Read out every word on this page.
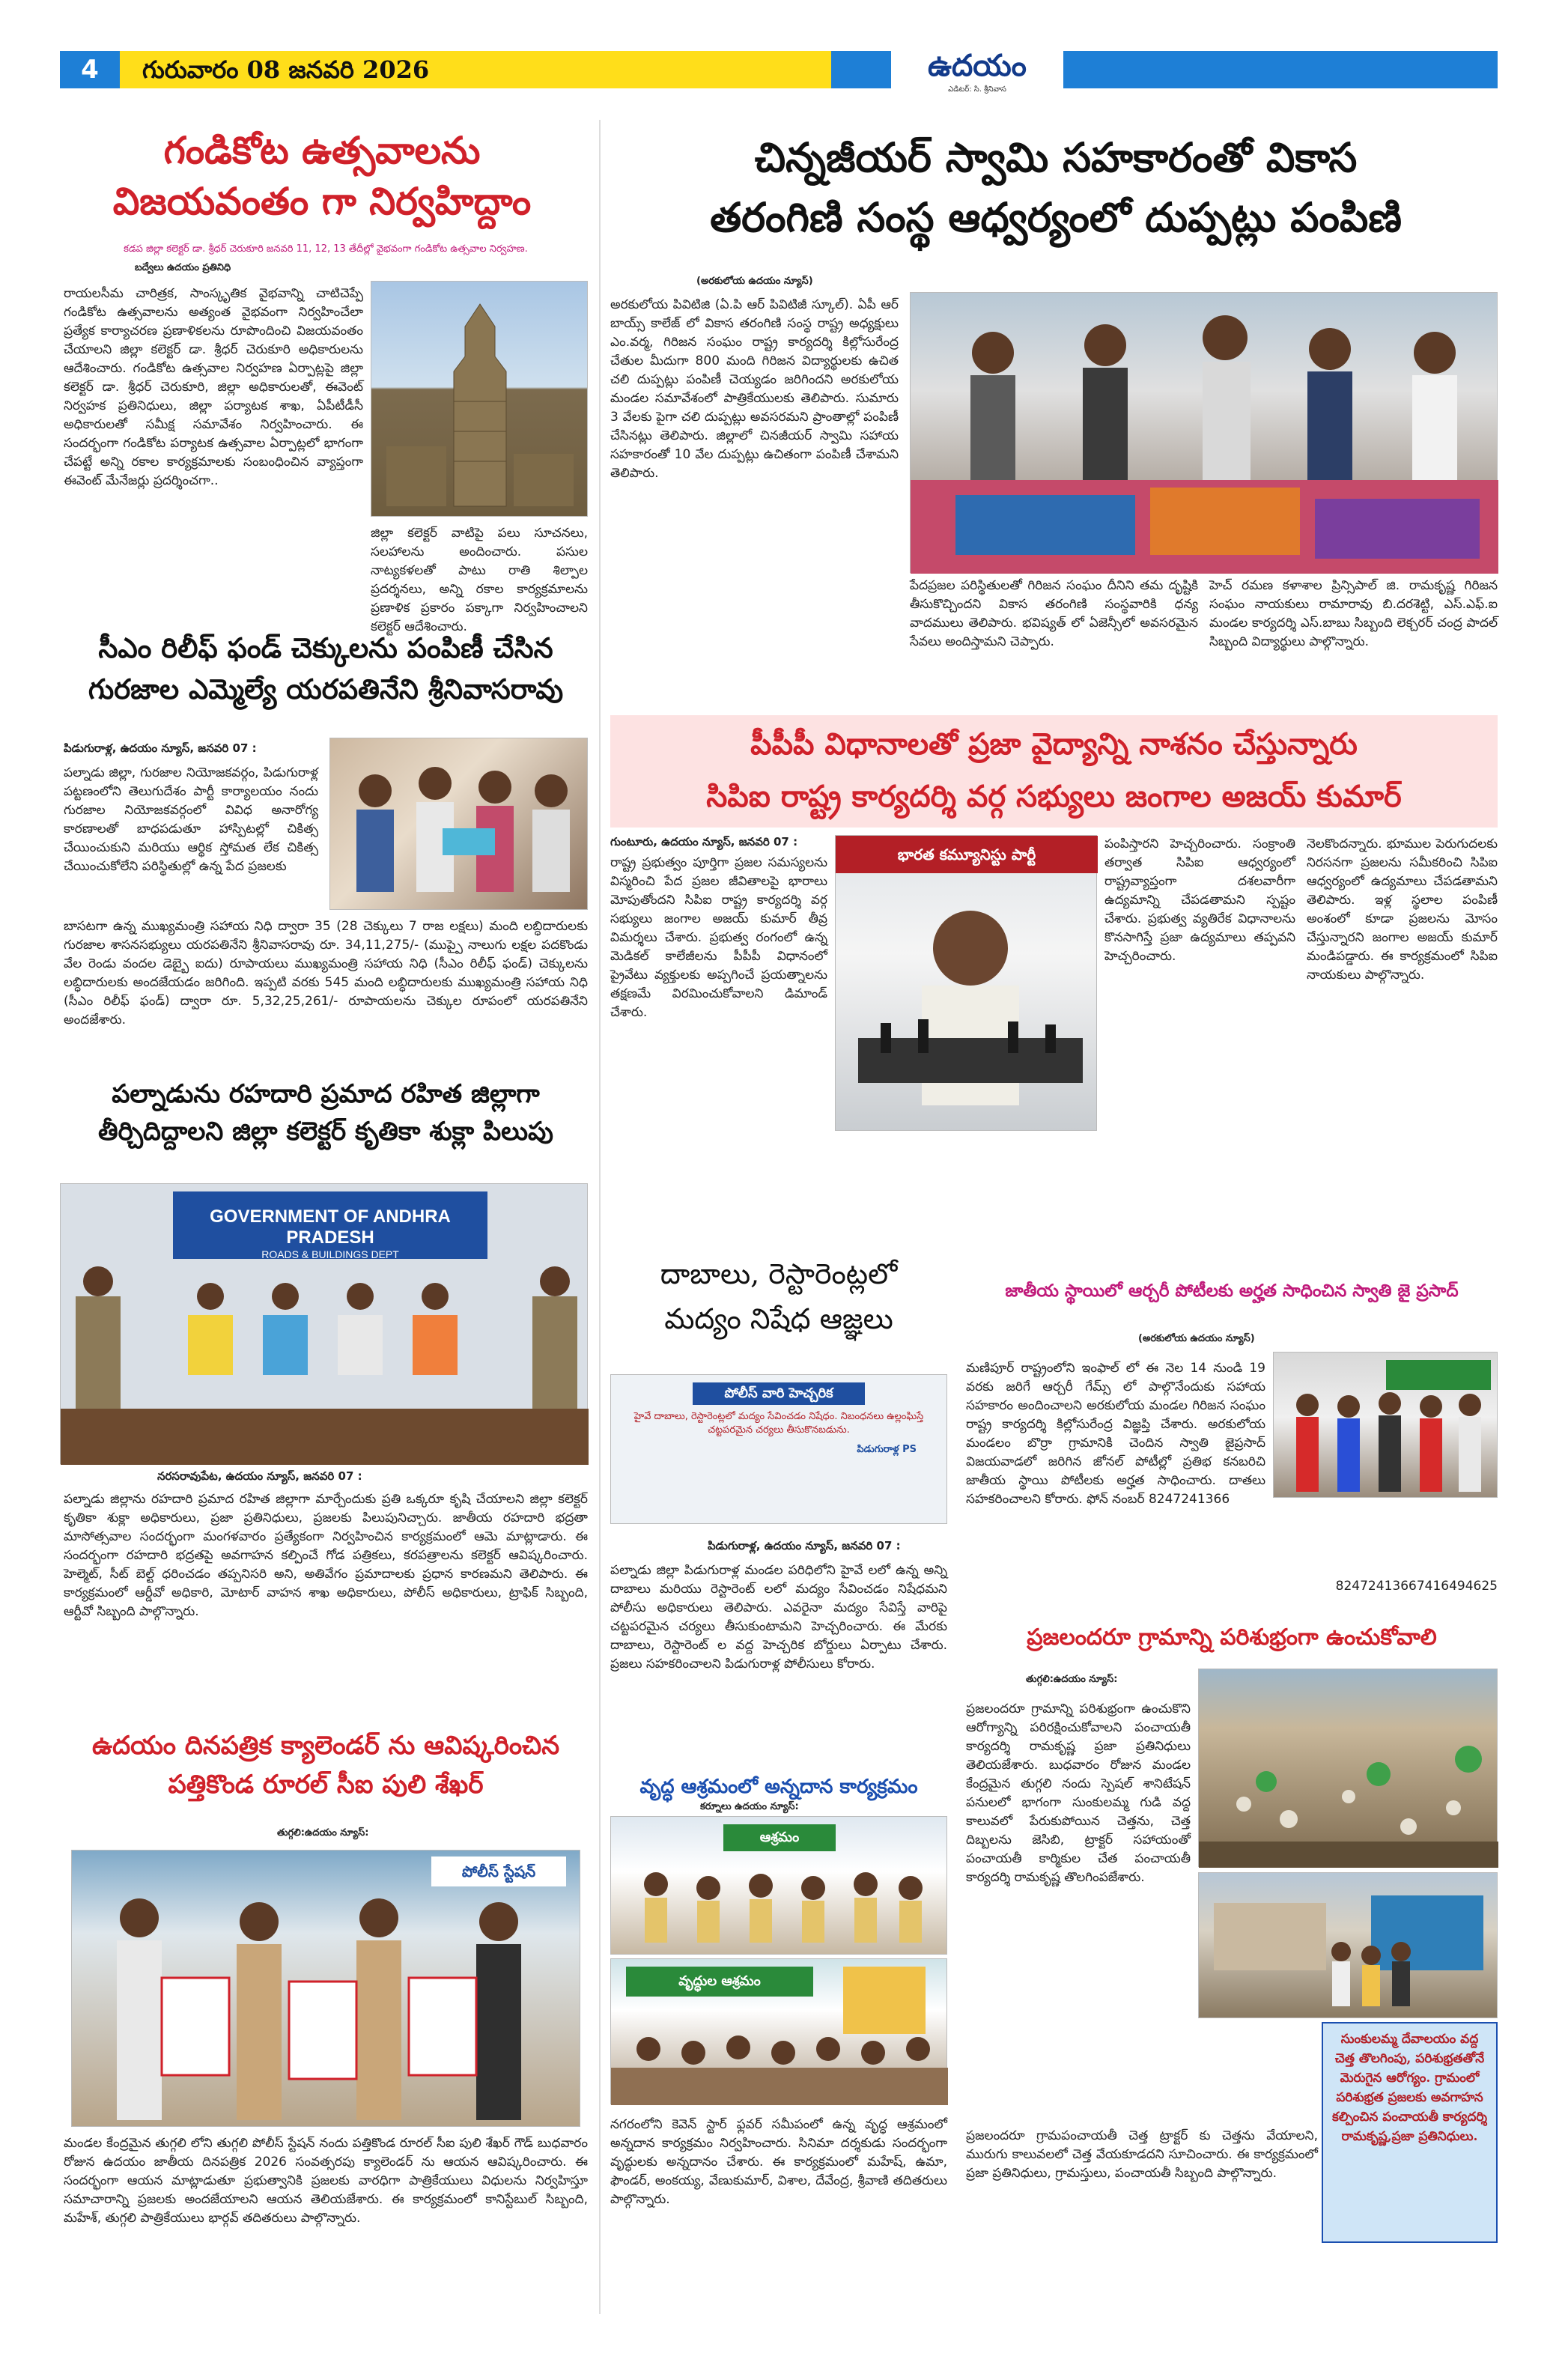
4	గురువారం 08 జనవరి 2026	ఉదయం
ఎడిటర్: సి. శ్రీనివాస
గండికోట ఉత్సవాలను
విజయవంతం గా నిర్వహిద్దాం
కడప జిల్లా కలెక్టర్ డా. శ్రీధర్ చెరుకూరి జనవరి 11, 12, 13 తేదీల్లో వైభవంగా గండికోట ఉత్సవాల నిర్వహణ.
బద్వేలు ఉదయం ప్రతినిధి
రాయలసీమ చారిత్రక, సాంస్కృతిక వైభవాన్ని చాటిచెప్పే గండికోట ఉత్సవాలను అత్యంత వైభవంగా నిర్వహించేలా ప్రత్యేక కార్యాచరణ ప్రణాళికలను రూపొందించి విజయవంతం చేయాలని జిల్లా కలెక్టర్ డా. శ్రీధర్ చెరుకూరి అధికారులను ఆదేశించారు. గండికోట ఉత్సవాల నిర్వహణ ఏర్పాట్లపై జిల్లా కలెక్టర్ డా. శ్రీధర్ చెరుకూరి, జిల్లా అధికారులతో, ఈవెంట్ నిర్వహక ప్రతినిధులు, జిల్లా పర్యాటక శాఖ, ఏపీటీడీసీ అధికారులతో సమీక్ష సమావేశం నిర్వహించారు. ఈ సందర్భంగా గండికోట పర్యాటక ఉత్సవాల ఏర్పాట్లలో భాగంగా చేపట్టే అన్ని రకాల కార్యక్రమాలకు సంబంధించిన వ్యాప్తంగా ఈవెంట్ మేనేజర్లు ప్రదర్శించగా..
జిల్లా కలెక్టర్ వాటిపై పలు సూచనలు, సలహాలను అందించారు. పసుల నాట్యకళలతో పాటు రాతి శిల్పాల ప్రదర్శనలు, అన్ని రకాల కార్యక్రమాలను ప్రణాళిక ప్రకారం పక్కాగా నిర్వహించాలని కలెక్టర్ ఆదేశించారు.
సీఎం రిలీఫ్ ఫండ్ చెక్కులను పంపిణీ చేసిన
గురజాల ఎమ్మెల్యే యరపతినేని శ్రీనివాసరావు
పిడుగురాళ్ల, ఉదయం న్యూస్, జనవరి 07 :
పల్నాడు జిల్లా, గురజాల నియోజకవర్గం, పిడుగురాళ్ల పట్టణంలోని తెలుగుదేశం పార్టీ కార్యాలయం నందు గురజాల నియోజకవర్గంలో వివిధ అనారోగ్య కారణాలతో బాధపడుతూ హాస్పిటల్లో చికిత్స చేయించుకుని మరియు ఆర్థిక స్తోమత లేక చికిత్స చేయించుకోలేని పరిస్థితుల్లో ఉన్న పేద ప్రజలకు
బాసటగా ఉన్న ముఖ్యమంత్రి సహాయ నిధి ద్వారా 35 (28 చెక్కులు 7 రాజ లక్షలు) మంది లబ్ధిదారులకు గురజాల శాసనసభ్యులు యరపతినేని శ్రీనివాసరావు రూ. 34,11,275/- (ముప్పై నాలుగు లక్షల పదకొండు వేల రెండు వందల డెబ్బై ఐదు) రూపాయలు ముఖ్యమంత్రి సహాయ నిధి (సీఎం రిలీఫ్ ఫండ్) చెక్కులను లబ్ధిదారులకు అందజేయడం జరిగింది. ఇప్పటి వరకు 545 మంది లబ్ధిదారులకు ముఖ్యమంత్రి సహాయ నిధి (సీఎం రిలీఫ్ ఫండ్) ద్వారా రూ. 5,32,25,261/- రూపాయలను చెక్కుల రూపంలో యరపతినేని అందజేశారు.
పల్నాడును రహదారి ప్రమాద రహిత జిల్లాగా
తీర్చిదిద్దాలని జిల్లా కలెక్టర్ కృతికా శుక్లా పిలుపు
GOVERNMENT OF ANDHRA PRADESH
ROADS & BUILDINGS DEPT
నరసరావుపేట, ఉదయం న్యూస్, జనవరి 07 :
పల్నాడు జిల్లాను రహదారి ప్రమాద రహిత జిల్లాగా మార్చేందుకు ప్రతి ఒక్కరూ కృషి చేయాలని జిల్లా కలెక్టర్ కృతికా శుక్లా అధికారులు, ప్రజా ప్రతినిధులు, ప్రజలకు పిలుపునిచ్చారు. జాతీయ రహదారి భద్రతా మాసోత్సవాల సందర్భంగా మంగళవారం ప్రత్యేకంగా నిర్వహించిన కార్యక్రమంలో ఆమె మాట్లాడారు. ఈ సందర్భంగా రహదారి భద్రతపై అవగాహన కల్పించే గోడ పత్రికలు, కరపత్రాలను కలెక్టర్ ఆవిష్కరించారు. హెల్మెట్, సీట్ బెల్ట్ ధరించడం తప్పనిసరి అని, అతివేగం ప్రమాదాలకు ప్రధాన కారణమని తెలిపారు. ఈ కార్యక్రమంలో ఆర్డీవో అధికారి, మోటార్ వాహన శాఖ అధికారులు, పోలీస్ అధికారులు, ట్రాఫిక్ సిబ్బంది, ఆర్టీవో సిబ్బంది పాల్గొన్నారు.
ఉదయం దినపత్రిక క్యాలెండర్ ను ఆవిష్కరించిన
పత్తికొండ రూరల్ సీఐ పులి శేఖర్
తుగ్గలి:ఉదయం న్యూస్:
పోలీస్ స్టేషన్
మండల కేంద్రమైన తుగ్గలి లోని తుగ్గలి పోలీస్ స్టేషన్ నందు పత్తికొండ రూరల్ సీఐ పులి శేఖర్ గౌడ్ బుధవారం రోజున ఉదయం జాతీయ దినపత్రిక 2026 సంవత్సరపు క్యాలెండర్ ను ఆయన ఆవిష్కరించారు. ఈ సందర్భంగా ఆయన మాట్లాడుతూ ప్రభుత్వానికి ప్రజలకు వారధిగా పాత్రికేయులు విధులను నిర్వహిస్తూ సమాచారాన్ని ప్రజలకు అందజేయాలని ఆయన తెలియజేశారు. ఈ కార్యక్రమంలో కానిస్టేబుల్ సిబ్బంది, మహేశ్, తుగ్గలి పాత్రికేయులు భార్గవ్ తదితరులు పాల్గొన్నారు.
చిన్నజీయర్ స్వామి సహకారంతో వికాస
తరంగిణి సంస్థ ఆధ్వర్యంలో దుప్పట్లు పంపిణి
(అరకులోయ ఉదయం న్యూస్)
అరకులోయ పివిటిజి (ఏ.పి ఆర్ పివిటిజీ స్కూల్). ఏపీ ఆర్ బాయ్స్ కాలేజ్ లో వికాస తరంగిణి సంస్థ రాష్ట్ర అధ్యక్షులు ఎం.వర్మ, గిరిజన సంఘం రాష్ట్ర కార్యదర్శి కిల్లోసురేంద్ర చేతుల మీదుగా 800 మంది గిరిజన విద్యార్థులకు ఉచిత చలి దుప్పట్లు పంపిణీ చెయ్యడం జరిగిందని అరకులోయ మండల సమావేశంలో పాత్రికేయులకు తెలిపారు. సుమారు 3 వేలకు పైగా చలి దుప్పట్లు అవసరమని ప్రాంతాల్లో పంపిణీ చేసినట్లు తెలిపారు. జిల్లాలో చినజీయర్ స్వామి సహాయ సహకారంతో 10 వేల దుప్పట్లు ఉచితంగా పంపిణీ చేశామని తెలిపారు.
పేదప్రజల పరిస్థితులతో గిరిజన సంఘం దీనిని తమ దృష్టికి తీసుకొచ్చిందని వికాస తరంగిణి సంస్థవారికి ధన్య వాదములు తెలిపారు. భవిష్యత్ లో ఏజెన్సీలో అవసరమైన సేవలు అందిస్తామని చెప్పారు.
హెచ్ రమణ కళాశాల ప్రిన్సిపాల్ జి. రామకృష్ణ గిరిజన సంఘం నాయకులు రామారావు బి.దరశెట్టి, ఎస్.ఎఫ్.ఐ మండల కార్యదర్శి ఎస్.బాబు సిబ్బంది లెక్చరర్ చంద్ర పాదల్ సిబ్బంది విద్యార్థులు పాల్గొన్నారు.
పీపీపీ విధానాలతో ప్రజా వైద్యాన్ని నాశనం చేస్తున్నారు
సిపిఐ రాష్ట్ర కార్యదర్శి వర్గ సభ్యులు జంగాల అజయ్ కుమార్
గుంటూరు, ఉదయం న్యూస్, జనవరి 07 :
భారత కమ్యూనిస్టు పార్టీ
రాష్ట్ర ప్రభుత్వం పూర్తిగా ప్రజల సమస్యలను విస్మరించి పేద ప్రజల జీవితాలపై భారాలు మోపుతోందని సిపిఐ రాష్ట్ర కార్యదర్శి వర్గ సభ్యులు జంగాల అజయ్ కుమార్ తీవ్ర విమర్శలు చేశారు. ప్రభుత్వ రంగంలో ఉన్న మెడికల్ కాలేజీలను పీపీపీ విధానంలో ప్రైవేటు వ్యక్తులకు అప్పగించే ప్రయత్నాలను తక్షణమే విరమించుకోవాలని డిమాండ్ చేశారు.
పంపిస్తారని హెచ్చరించారు. సంక్రాంతి తర్వాత సిపిఐ ఆధ్వర్యంలో రాష్ట్రవ్యాప్తంగా దశలవారీగా ఉద్యమాన్ని చేపడతామని స్పష్టం చేశారు. ప్రభుత్వ వ్యతిరేక విధానాలను కొనసాగిస్తే ప్రజా ఉద్యమాలు తప్పవని హెచ్చరించారు.
నెలకొందన్నారు. భూముల పెరుగుదలకు నిరసనగా ప్రజలను సమీకరించి సిపిఐ ఆధ్వర్యంలో ఉద్యమాలు చేపడతామని తెలిపారు. ఇళ్ల స్థలాల పంపిణీ అంశంలో కూడా ప్రజలను మోసం చేస్తున్నారని జంగాల అజయ్ కుమార్ మండిపడ్డారు. ఈ కార్యక్రమంలో సిపిఐ నాయకులు పాల్గొన్నారు.
దాబాలు, రెస్టారెంట్లలో
మద్యం నిషేధ ఆజ్ఞలు
పోలీస్ వారి హెచ్చరిక
హైవే దాబాలు, రెస్టారెంట్లలో మద్యం సేవించడం నిషేధం. నిబంధనలు ఉల్లంఘిస్తే చట్టపరమైన చర్యలు తీసుకొనబడును.
పిడుగురాళ్ల PS
పిడుగురాళ్ల, ఉదయం న్యూస్, జనవరి 07 :
పల్నాడు జిల్లా పిడుగురాళ్ల మండల పరిధిలోని హైవే లలో ఉన్న అన్ని దాబాలు మరియు రెస్టారెంట్ లలో మద్యం సేవించడం నిషేధమని పోలీసు అధికారులు తెలిపారు. ఎవరైనా మద్యం సేవిస్తే వారిపై చట్టపరమైన చర్యలు తీసుకుంటామని హెచ్చరించారు. ఈ మేరకు దాబాలు, రెస్టారెంట్ ల వద్ద హెచ్చరిక బోర్డులు ఏర్పాటు చేశారు. ప్రజలు సహకరించాలని పిడుగురాళ్ల పోలీసులు కోరారు.
వృద్ధ ఆశ్రమంలో అన్నదాన కార్యక్రమం
కర్నూలు ఉదయం న్యూస్:
ఆశ్రమం
వృద్ధుల ఆశ్రమం
నగరంలోని కెవెన్ స్టార్ ఫ్లవర్ సమీపంలో ఉన్న వృద్ధ ఆశ్రమంలో అన్నదాన కార్యక్రమం నిర్వహించారు. సినిమా దర్శకుడు సందర్భంగా వృద్ధులకు అన్నదానం చేశారు. ఈ కార్యక్రమంలో మహేష్, ఉమా, ఫౌండర్, అంకయ్య, వేణుకుమార్, విశాల, దేవేంద్ర, శ్రీవాణి తదితరులు పాల్గొన్నారు.
జాతీయ స్థాయిలో ఆర్చరీ పోటీలకు అర్హత సాధించిన స్వాతి జై ప్రసాద్
(అరకులోయ ఉదయం న్యూస్)
మణిపూర్ రాష్ట్రంలోని ఇంఫాల్ లో ఈ నెల 14 నుండి 19 వరకు జరిగే ఆర్చరీ గేమ్స్ లో పాల్గొనేందుకు సహాయ సహకారం అందించాలని అరకులోయ మండల గిరిజన సంఘం రాష్ట్ర కార్యదర్శి కిల్లోసురేంద్ర విజ్ఞప్తి చేశారు. అరకులోయ మండలం బొర్రా గ్రామానికి చెందిన స్వాతి జైప్రసాద్ విజయవాడలో జరిగిన జోనల్ పోటీల్లో ప్రతిభ కనబరిచి జాతీయ స్థాయి పోటీలకు అర్హత సాధించారు. దాతలు సహకరించాలని కోరారు. ఫోన్ నంబర్ 8247241366
82472413667416494625
ప్రజలందరూ గ్రామాన్ని పరిశుభ్రంగా ఉంచుకోవాలి
తుగ్గలి:ఉదయం న్యూస్:
ప్రజలందరూ గ్రామాన్ని పరిశుభ్రంగా ఉంచుకొని ఆరోగ్యాన్ని పరిరక్షించుకోవాలని పంచాయతీ కార్యదర్శి రామకృష్ణ ప్రజా ప్రతినిధులు తెలియజేశారు. బుధవారం రోజున మండల కేంద్రమైన తుగ్గలి నందు స్పెషల్ శానిటేషన్ పనులలో భాగంగా సుంకులమ్మ గుడి వద్ద కాలువలో పేరుకుపోయిన చెత్తను, చెత్త దిబ్బలను జెసిబి, ట్రాక్టర్ సహాయంతో పంచాయతీ కార్మికుల చేత పంచాయతీ కార్యదర్శి రామకృష్ణ తొలగింపజేశారు.
సుంకులమ్మ దేవాలయం వద్ద చెత్త తొలగింపు, పరిశుభ్రతతోనే మెరుగైన ఆరోగ్యం. గ్రామంలో పరిశుభ్రత ప్రజలకు అవగాహన కల్పించిన పంచాయతీ కార్యదర్శి రామకృష్ణ,ప్రజా ప్రతినిధులు.
ప్రజలందరూ గ్రామపంచాయతీ చెత్త ట్రాక్టర్ కు చెత్తను వేయాలని, మురుగు కాలువలలో చెత్త వేయకూడదని సూచించారు. ఈ కార్యక్రమంలో ప్రజా ప్రతినిధులు, గ్రామస్తులు, పంచాయతీ సిబ్బంది పాల్గొన్నారు.
